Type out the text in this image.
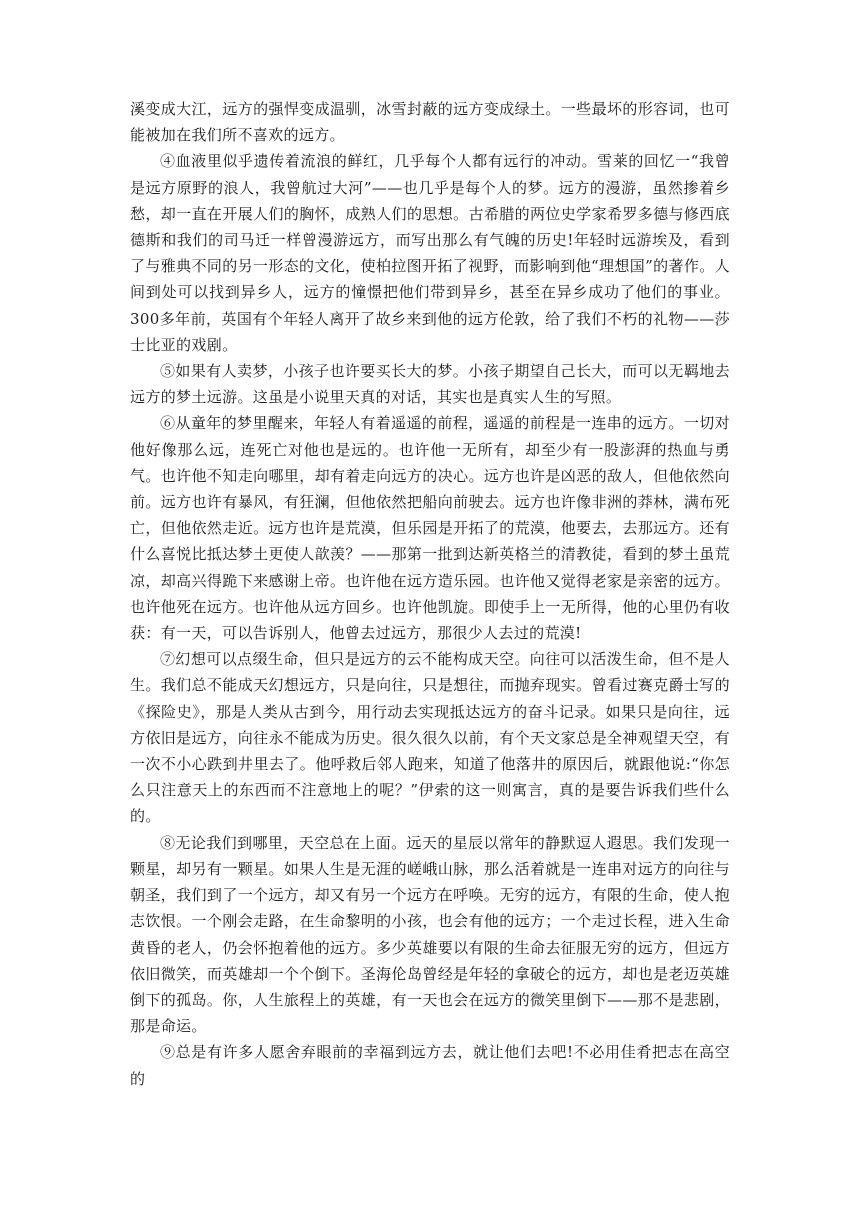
溪变成大江，远方的强悍变成温驯，冰雪封蔽的远方变成绿土。一些最坏的形容词，也可能被加在我们所不喜欢的远方。

④血液里似乎遗传着流浪的鲜红，几乎每个人都有远行的冲动。雪莱的回忆一“我曾是远方原野的浪人，我曾航过大河”——也几乎是每个人的梦。远方的漫游，虽然掺着乡愁，却一直在开展人们的胸怀，成熟人们的思想。古希腊的两位史学家希罗多德与修西底德斯和我们的司马迁一样曾漫游远方，而写出那么有气魄的历史!年轻时远游埃及，看到了与雅典不同的另一形态的文化，使柏拉图开拓了视野，而影响到他“理想国”的著作。人间到处可以找到异乡人，远方的憧憬把他们带到异乡，甚至在异乡成功了他们的事业。300多年前，英国有个年轻人离开了故乡来到他的远方伦敦，给了我们不朽的礼物——莎士比亚的戏剧。

⑤如果有人卖梦，小孩子也许要买长大的梦。小孩子期望自己长大，而可以无羁地去远方的梦土远游。这虽是小说里天真的对话，其实也是真实人生的写照。

⑥从童年的梦里醒来，年轻人有着遥遥的前程，遥遥的前程是一连串的远方。一切对他好像那么远，连死亡对他也是远的。也许他一无所有，却至少有一股澎湃的热血与勇气。也许他不知走向哪里，却有着走向远方的决心。远方也许是凶恶的敌人，但他依然向前。远方也许有暴风，有狂澜，但他依然把船向前驶去。远方也许像非洲的莽林，满布死亡，但他依然走近。远方也许是荒漠，但乐园是开拓了的荒漠，他要去，去那远方。还有什么喜悦比抵达梦土更使人歆羡？——那第一批到达新英格兰的清教徒，看到的梦土虽荒凉，却高兴得跪下来感谢上帝。也许他在远方造乐园。也许他又觉得老家是亲密的远方。也许他死在远方。也许他从远方回乡。也许他凯旋。即使手上一无所得，他的心里仍有收获：有一天，可以告诉别人，他曾去过远方，那很少人去过的荒漠!

⑦幻想可以点缀生命，但只是远方的云不能构成天空。向往可以活泼生命，但不是人生。我们总不能成天幻想远方，只是向往，只是想往，而抛弃现实。曾看过赛克爵士写的《探险史》，那是人类从古到今，用行动去实现抵达远方的奋斗记录。如果只是向往，远方依旧是远方，向往永不能成为历史。很久很久以前，有个天文家总是全神观望天空，有一次不小心跌到井里去了。他呼救后邻人跑来，知道了他落井的原因后，就跟他说:“你怎么只注意天上的东西而不注意地上的呢？”伊索的这一则寓言，真的是要告诉我们些什么的。

⑧无论我们到哪里，天空总在上面。远天的星辰以常年的静默逗人遐思。我们发现一颗星，却另有一颗星。如果人生是无涯的嵯峨山脉，那么活着就是一连串对远方的向往与朝圣，我们到了一个远方，却又有另一个远方在呼唤。无穷的远方，有限的生命，使人抱志饮恨。一个刚会走路，在生命黎明的小孩，也会有他的远方；一个走过长程，进入生命黄昏的老人，仍会怀抱着他的远方。多少英雄要以有限的生命去征服无穷的远方，但远方依旧微笑，而英雄却一个个倒下。圣海伦岛曾经是年轻的拿破仑的远方，却也是老迈英雄倒下的孤岛。你，人生旅程上的英雄，有一天也会在远方的微笑里倒下——那不是悲剧，那是命运。

⑨总是有许多人愿舍弃眼前的幸福到远方去，就让他们去吧!不必用佳肴把志在高空的
